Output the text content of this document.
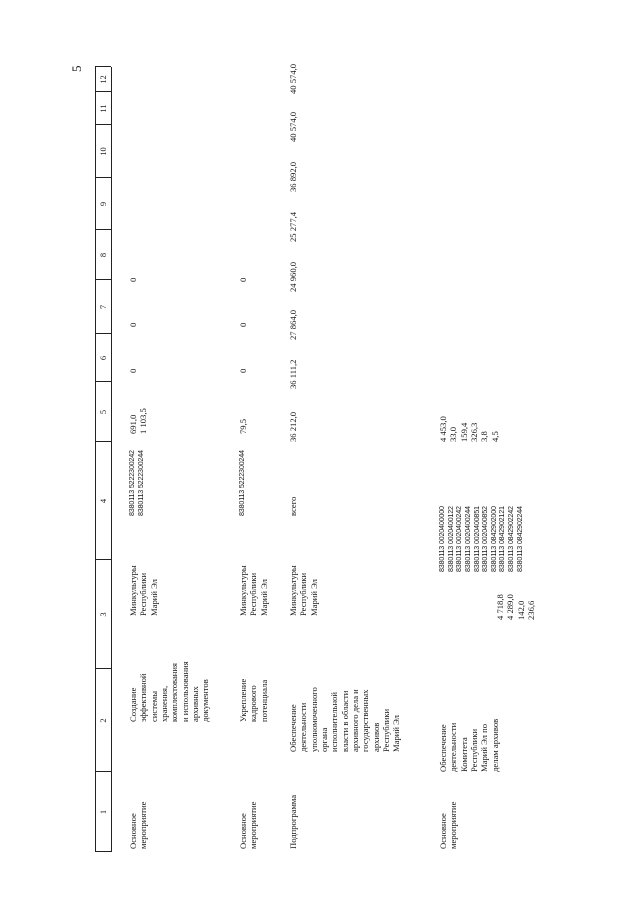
5
1
2
3
4
5
6
7
8
9
10
11
12
Основное мероприятие
Создание эффективной системы хранения, комплектования и использования архивных документов
Минкультуры Республики Марий Эл
8380113 5222300242 8380113 5222300244
691,0 1 103,5
0
0
0
Основное мероприятие
Укрепление кадрового потенциала
Минкультуры Республики Марий Эл
8380113 5222300244
79,5
0
0
0
Подпрограмма
Обеспечение деятельности уполномоченного органа исполнительной власти в области архивного дела и государственных архивов Республики Марий Эл
Минкультуры Республики Марий Эл
всего
36 212,0
36 111,2
27 864,0
24 960,0
25 277,4
36 892,0
40 574,0
40 574,0
Основное мероприятие
Обеспечение деятельности Комитета Республики Марий Эл по делам архивов
8380113 0020400000 8380113 0020400122 8380113 0020400242 8380113 0020400244 8380113 0020400851 8380113 0020400852 8380113 0842902000 8380113 0842902121 8380113 0842902242 8380113 0842902244
4 453,0 33,0 159,4 326,3 3,8 4,5
4 718,8 4 289,0 142,0 236,6
